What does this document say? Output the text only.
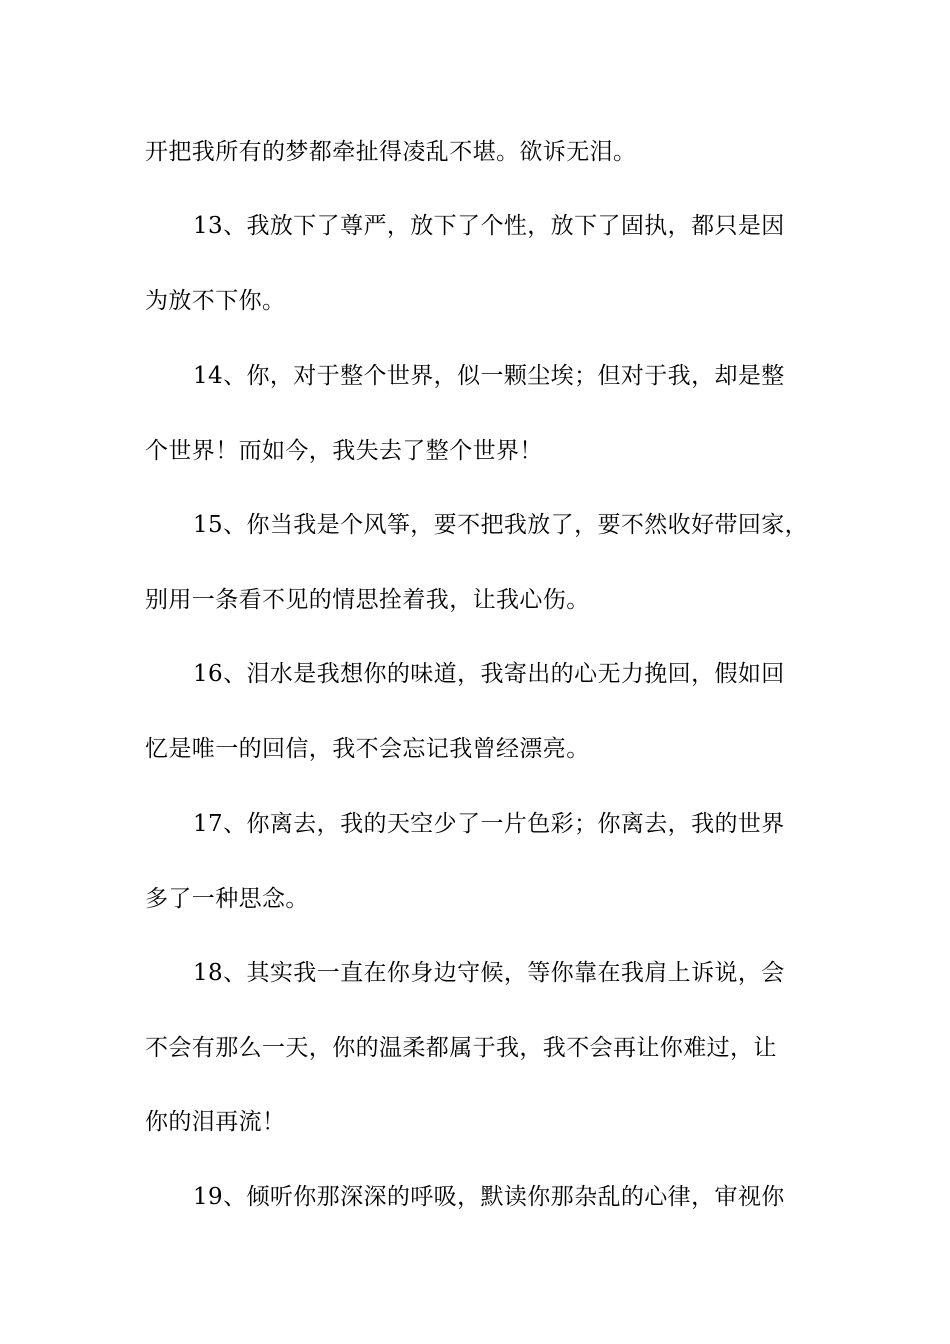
开把我所有的梦都牵扯得凌乱不堪。欲诉无泪。
13、我放下了尊严，放下了个性，放下了固执，都只是因
为放不下你。
14、你，对于整个世界，似一颗尘埃；但对于我，却是整
个世界！而如今，我失去了整个世界！
15、你当我是个风筝，要不把我放了，要不然收好带回家，
别用一条看不见的情思拴着我，让我心伤。
16、泪水是我想你的味道，我寄出的心无力挽回，假如回
忆是唯一的回信，我不会忘记我曾经漂亮。
17、你离去，我的天空少了一片色彩；你离去，我的世界
多了一种思念。
18、其实我一直在你身边守候，等你靠在我肩上诉说，会
不会有那么一天，你的温柔都属于我，我不会再让你难过，让
你的泪再流！
19、倾听你那深深的呼吸，默读你那杂乱的心律，审视你
